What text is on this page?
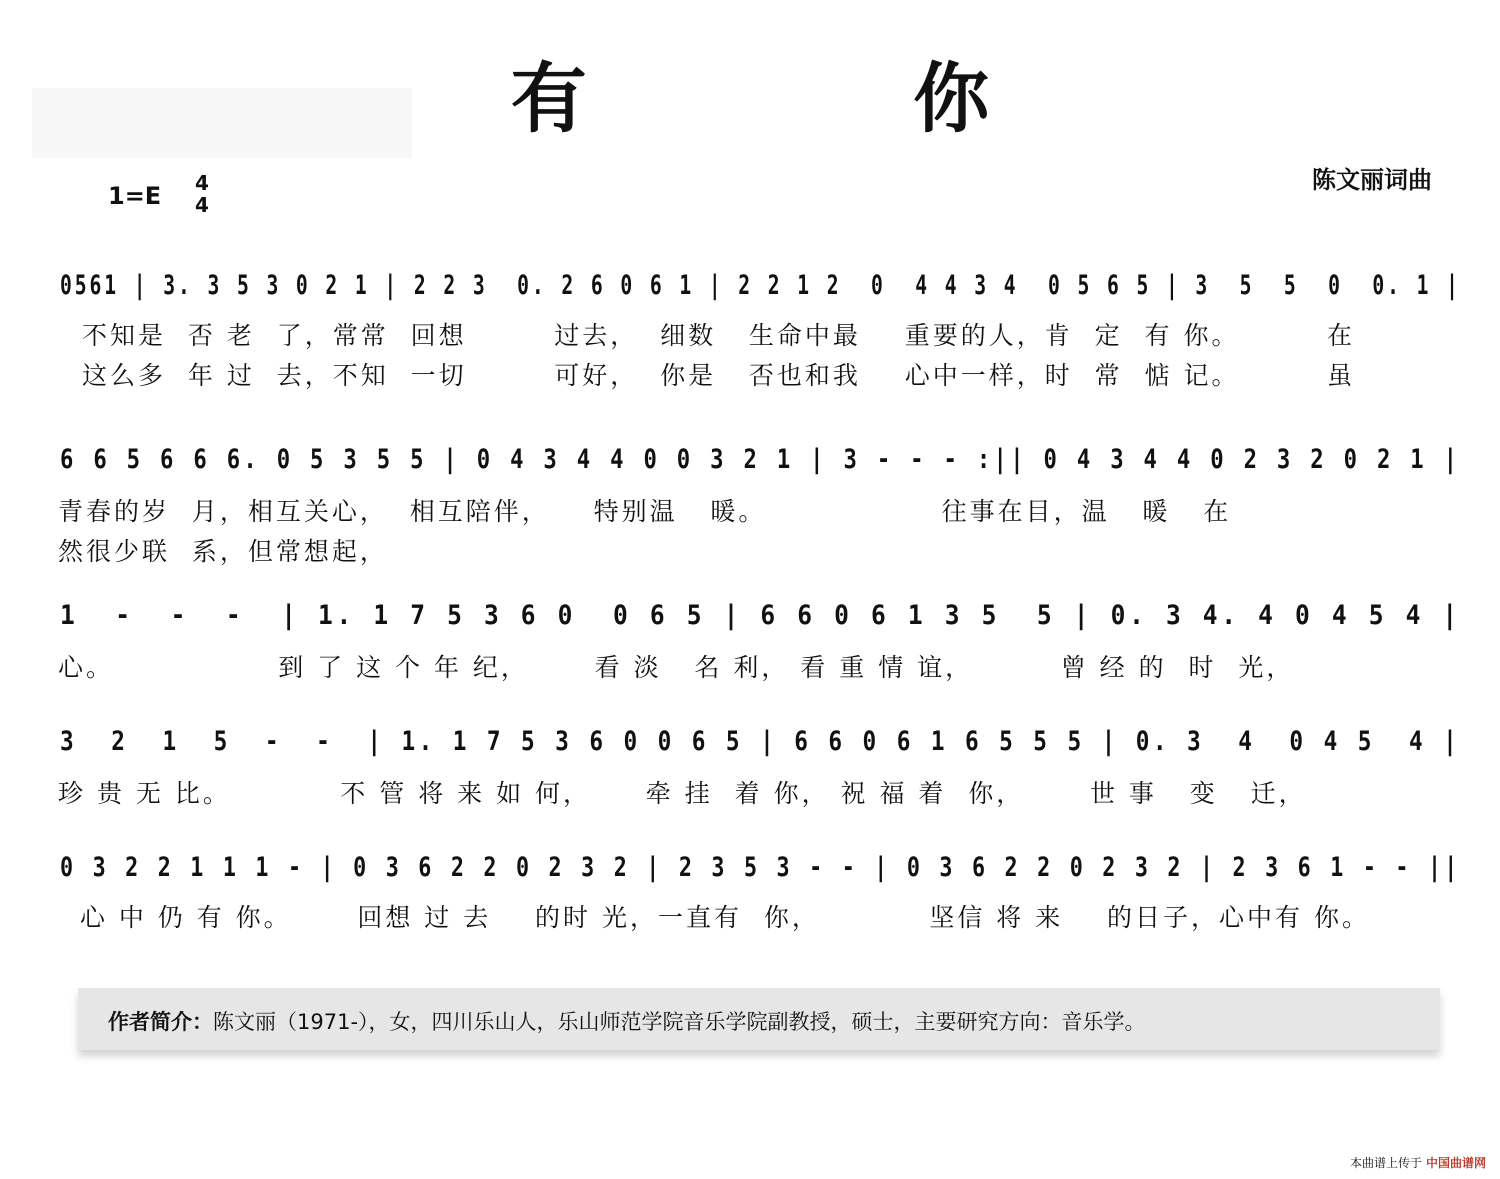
有 你
陈文丽词曲
1=E	4
4
0561 | 3. 3 5 3 0 2 1 | 2 2 3  0. 2 6 0 6 1 | 2 2 1 2  0  4 4 3 4  0 5 6 5 | 3  5  5  0  0. 1 |
不知是  否 老  了，常常  回想        过去，  细数   生命中最    重要的人，肯  定  有 你。        在
这么多  年 过  去，不知  一切        可好，  你是   否也和我    心中一样，时  常  惦 记。        虽
6 6 5 6 6 6. 0 5 3 5 5 | 0 4 3 4 4 0 0 3 2 1 | 3 - - - :|| 0 4 3 4 4 0 2 3 2 0 2 1 |
青春的岁  月，相互关心，  相互陪伴，    特别温   暖。                往事在目，温   暖   在
然很少联  系，但常想起，
1  -  -  -  | 1. 1 7 5 3 6 0  0 6 5 | 6 6 0 6 1 3 5  5 | 0. 3 4. 4 0 4 5 4 |
心。               到 了 这 个 年 纪，      看 淡   名 利， 看 重 情 谊，        曾 经 的  时  光，
3  2  1  5  -  -  | 1. 1 7 5 3 6 0 0 6 5 | 6 6 0 6 1 6 5 5 5 | 0. 3  4  0 4 5  4 |
珍 贵 无 比。          不 管 将 来 如 何，     牵 挂  着 你， 祝 福 着  你，      世 事   变   迁，
0 3 2 2 1 1 1 - | 0 3 6 2 2 0 2 3 2 | 2 3 5 3 - - | 0 3 6 2 2 0 2 3 2 | 2 3 6 1 - - ||
心 中 仍 有 你。      回想 过 去    的时 光，一直有  你，          坚信 将 来    的日子，心中有 你。
作者简介：陈文丽（1971-），女，四川乐山人，乐山师范学院音乐学院副教授，硕士，主要研究方向：音乐学。
本曲谱上传于 中国曲谱网
